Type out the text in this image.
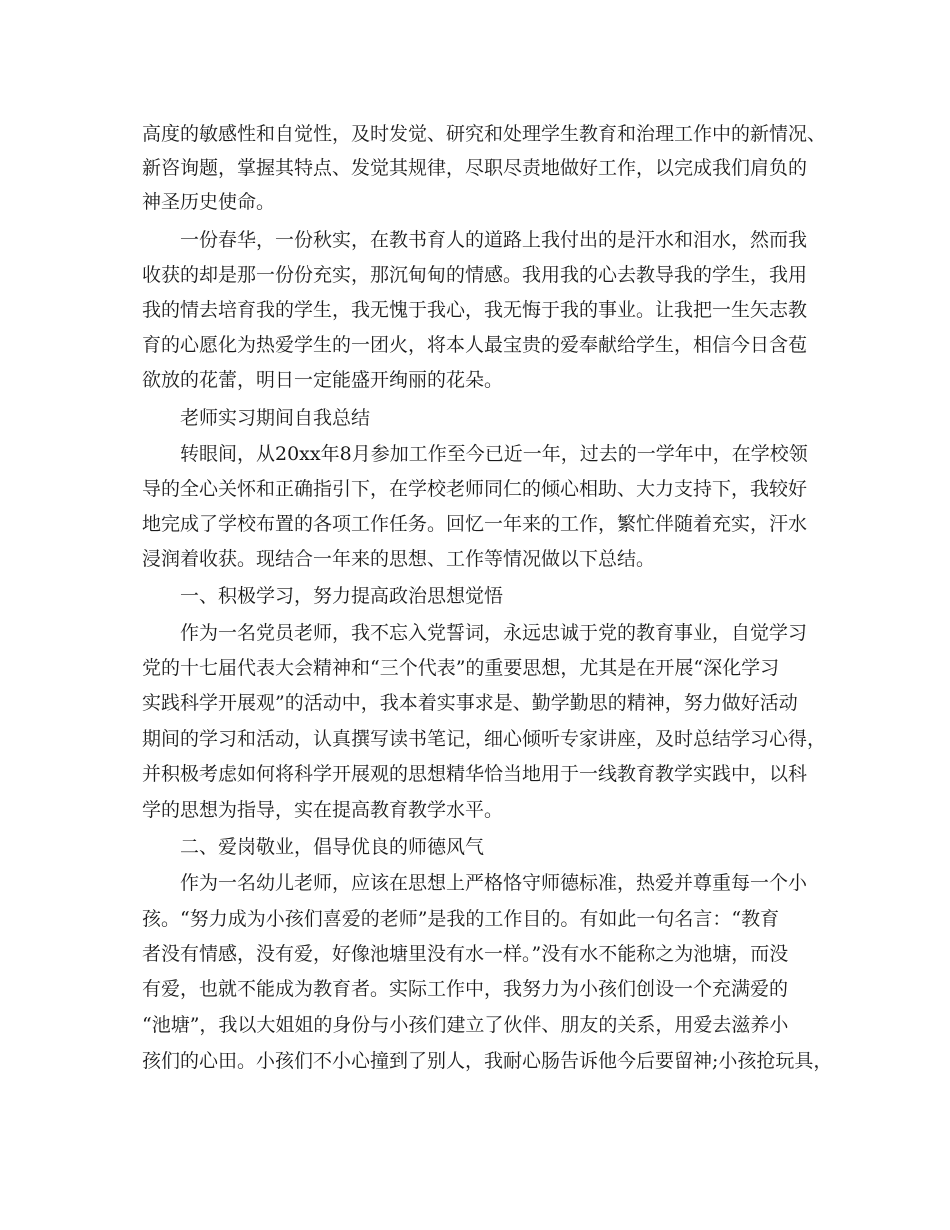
高度的敏感性和自觉性，及时发觉、研究和处理学生教育和治理工作中的新情况、

新咨询题，掌握其特点、发觉其规律，尽职尽责地做好工作，以完成我们肩负的

神圣历史使命。

一份春华，一份秋实，在教书育人的道路上我付出的是汗水和泪水，然而我

收获的却是那一份份充实，那沉甸甸的情感。我用我的心去教导我的学生，我用

我的情去培育我的学生，我无愧于我心，我无悔于我的事业。让我把一生矢志教

育的心愿化为热爱学生的一团火，将本人最宝贵的爱奉献给学生，相信今日含苞

欲放的花蕾，明日一定能盛开绚丽的花朵。

老师实习期间自我总结

转眼间，从20xx年8月参加工作至今已近一年，过去的一学年中，在学校领

导的全心关怀和正确指引下，在学校老师同仁的倾心相助、大力支持下，我较好

地完成了学校布置的各项工作任务。回忆一年来的工作，繁忙伴随着充实，汗水

浸润着收获。现结合一年来的思想、工作等情况做以下总结。

一、积极学习，努力提高政治思想觉悟

作为一名党员老师，我不忘入党誓词，永远忠诚于党的教育事业，自觉学习

党的十七届代表大会精神和“三个代表”的重要思想，尤其是在开展“深化学习

实践科学开展观”的活动中，我本着实事求是、勤学勤思的精神，努力做好活动

期间的学习和活动，认真撰写读书笔记，细心倾听专家讲座，及时总结学习心得，

并积极考虑如何将科学开展观的思想精华恰当地用于一线教育教学实践中，以科

学的思想为指导，实在提高教育教学水平。

二、爱岗敬业，倡导优良的师德风气

作为一名幼儿老师，应该在思想上严格恪守师德标准，热爱并尊重每一个小

孩。“努力成为小孩们喜爱的老师”是我的工作目的。有如此一句名言：“教育

者没有情感，没有爱，好像池塘里没有水一样。”没有水不能称之为池塘，而没

有爱，也就不能成为教育者。实际工作中，我努力为小孩们创设一个充满爱的

“池塘”，我以大姐姐的身份与小孩们建立了伙伴、朋友的关系，用爱去滋养小

孩们的心田。小孩们不小心撞到了别人，我耐心肠告诉他今后要留神;小孩抢玩具，
